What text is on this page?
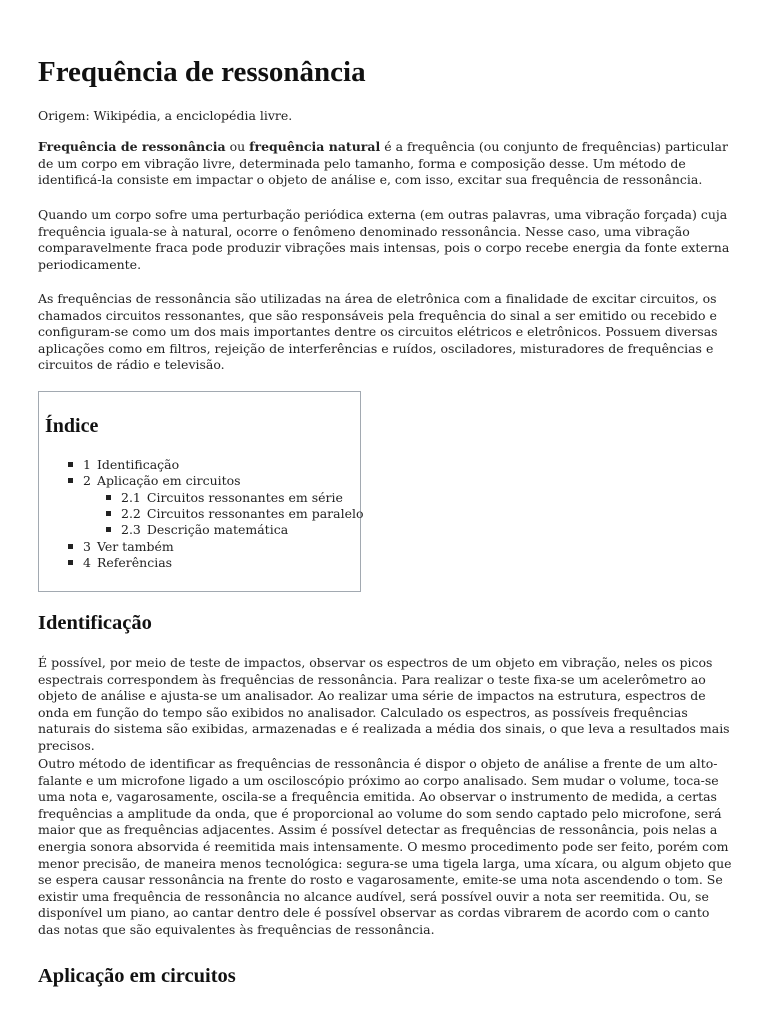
Frequência de ressonância
Origem: Wikipédia, a enciclopédia livre.

Frequência de ressonância ou frequência natural é a frequência (ou conjunto de frequências) particular de um corpo em vibração livre, determinada pelo tamanho, forma e composição desse. Um método de identificá-la consiste em impactar o objeto de análise e, com isso, excitar sua frequência de ressonância.

Quando um corpo sofre uma perturbação periódica externa (em outras palavras, uma vibração forçada) cuja frequência iguala-se à natural, ocorre o fenômeno denominado ressonância. Nesse caso, uma vibração comparavelmente fraca pode produzir vibrações mais intensas, pois o corpo recebe energia da fonte externa periodicamente.

As frequências de ressonância são utilizadas na área de eletrônica com a finalidade de excitar circuitos, os chamados circuitos ressonantes, que são responsáveis pela frequência do sinal a ser emitido ou recebido e configuram-se como um dos mais importantes dentre os circuitos elétricos e eletrônicos. Possuem diversas aplicações como em filtros, rejeição de interferências e ruídos, osciladores, misturadores de frequências e circuitos de rádio e televisão.

Índice
1 Identificação
2 Aplicação em circuitos
2.1 Circuitos ressonantes em série
2.2 Circuitos ressonantes em paralelo
2.3 Descrição matemática
3 Ver também
4 Referências
Identificação

É possível, por meio de teste de impactos, observar os espectros de um objeto em vibração, neles os picos espectrais correspondem às frequências de ressonância. Para realizar o teste fixa-se um acelerômetro ao objeto de análise e ajusta-se um analisador. Ao realizar uma série de impactos na estrutura, espectros de onda em função do tempo são exibidos no analisador. Calculado os espectros, as possíveis frequências naturais do sistema são exibidas, armazenadas e é realizada a média dos sinais, o que leva a resultados mais precisos.

Outro método de identificar as frequências de ressonância é dispor o objeto de análise a frente de um alto-falante e um microfone ligado a um osciloscópio próximo ao corpo analisado. Sem mudar o volume, toca-se uma nota e, vagarosamente, oscila-se a frequência emitida. Ao observar o instrumento de medida, a certas frequências a amplitude da onda, que é proporcional ao volume do som sendo captado pelo microfone, será maior que as frequências adjacentes. Assim é possível detectar as frequências de ressonância, pois nelas a energia sonora absorvida é reemitida mais intensamente. O mesmo procedimento pode ser feito, porém com menor precisão, de maneira menos tecnológica: segura-se uma tigela larga, uma xícara, ou algum objeto que se espera causar ressonância na frente do rosto e vagarosamente, emite-se uma nota ascendendo o tom. Se existir uma frequência de ressonância no alcance audível, será possível ouvir a nota ser reemitida. Ou, se disponível um piano, ao cantar dentro dele é possível observar as cordas vibrarem de acordo com o canto das notas que são equivalentes às frequências de ressonância.

Aplicação em circuitos
